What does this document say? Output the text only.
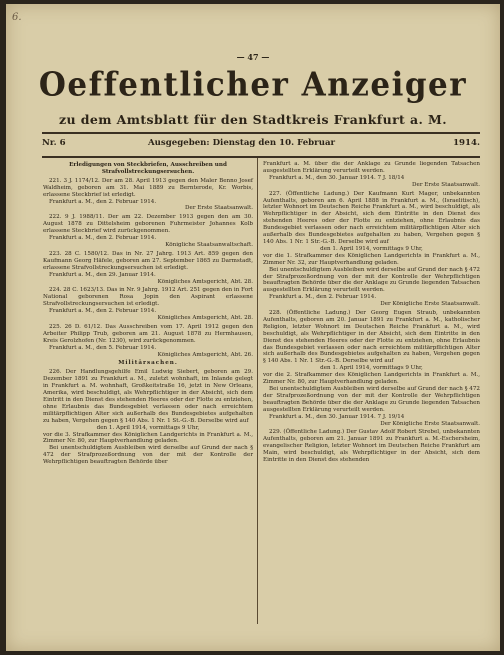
6.
— 47 —
Oeffentlicher Anzeiger
zu dem Amtsblatt für den Stadtkreis Frankfurt a. M.
Nr. 6	Ausgegeben: Dienstag den 10. Februar	1914.

Erledigungen von Steckbriefen, Ausschreiben und Strafvollstreckungsersuchen.

221. 3 J. 1174/12. Der am 28. April 1913 gegen den Maler Benno Josef Waldheim, geboren am 31. Mai 1889 zu Bernterode, Kr. Worbis, erlassene Steckbrief ist erledigt.

Frankfurt a. M., den 2. Februar 1914.

Der Erste Staatsanwalt.

222. 9 J. 1988/11. Der am 22. Dezember 1913 gegen den am 30. August 1878 zu Dittelsheim geborenen Fuhrmeister Johannes Kolb erlassene Steckbrief wird zurückgenommen.

Frankfurt a. M., den 2. Februar 1914.

Königliche Staatsanwaltschaft.

223. 28 C. 1580/12. Das in Nr. 27 Jahrg. 1913 Art. 859 gegen den Kaufmann Georg Häfele, geboren am 27. September 1865 zu Darmstadt, erlassene Strafvollstreckungsersuchen ist erledigt.

Frankfurt a. M., den 29. Januar 1914.

Königliches Amtsgericht, Abt. 28.

224. 28 C. 1623/13. Das in Nr. 9 Jahrg. 1912 Art. 251 gegen den in Fort National geborenen Rosa Jopin den Aspirant erlassene Strafvollstreckungsersuchen ist erledigt.

Frankfurt a. M., den 2. Februar 1914.

Königliches Amtsgericht, Abt. 28.

225. 26 D. 61/12. Das Ausschreiben vom 17. April 1912 gegen den Arbeiter Philipp Trub, geboren am 21. August 1878 zu Hermhausen, Kreis Gerolzhofen (Nr. 1230), wird zurückgenommen.

Frankfurt a. M., den 5. Februar 1914.

Königliches Amtsgericht, Abt. 26.

Militärsachen.

226. Der Handlungsgehilfe Emil Ludwig Siebert, geboren am 29. Dezember 1891 zu Frankfurt a. M., zuletzt wohnhaft, im Inlande gelegt in Frankfurt a. M. wohnhaft, Großkeitstraße 16, jetzt in New Orleans, Amerika, wird beschuldigt, als Wehrpflichtiger in der Absicht, sich dem Eintritt in den Dienst des stehenden Heeres oder der Flotte zu entziehen, ohne Erlaubnis das Bundesgebiet verlassen oder nach erreichtem militärpflichtigen Alter sich außerhalb des Bundesgebietes aufgehalten zu haben, Vergehen gegen § 140 Abs. 1 Nr. 1 St.-G.-B. Derselbe wird auf

den 1. April 1914, vormittags 9 Uhr,

vor die 3. Strafkammer des Königlichen Landgerichts in Frankfurt a. M., Zimmer Nr. 80, zur Hauptverhandlung geladen.

Bei unentschuldigtem Ausbleiben wird derselbe auf Grund der nach § 472 der Strafprozeßordnung von der mit der Kontrolle der Wehrpflichtigen beauftragten Behörde über

Frankfurt a. M. über die der Anklage zu Grunde liegenden Tatsachen ausgestellten Erklärung verurteilt werden.

Frankfurt a. M., den 30. Januar 1914. 7 J. 18/14

Der Erste Staatsanwalt.

227. (Öffentliche Ladung.) Der Kaufmann Kurt Mager, unbekannten Aufenthalts, geboren am 6. April 1888 in Frankfurt a. M., (Israelitisch), letzter Wohnort im Deutschen Reiche Frankfurt a. M., wird beschuldigt, als Wehrpflichtiger in der Absicht, sich dem Eintritte in den Dienst des stehenden Heeres oder der Flotte zu entziehen, ohne Erlaubnis das Bundesgebiet verlassen oder nach erreichtem militärpflichtigen Alter sich außerhalb des Bundesgebietes aufgehalten zu haben, Vergehen gegen § 140 Abs. 1 Nr. 1 Str.-G.-B. Derselbe wird auf

den 1. April 1914, vormittags 9 Uhr,

vor die 1. Strafkammer des Königlichen Landgerichts in Frankfurt a. M., Zimmer Nr. 32, zur Hauptverhandlung geladen.

Bei unentschuldigtem Ausbleiben wird derselbe auf Grund der nach § 472 der Strafprozeßordnung von der mit der Kontrolle der Wehrpflichtigen beauftragten Behörde über die der Anklage zu Grunde liegenden Tatsachen ausgestellten Erklärung verurteilt werden.

Frankfurt a. M., den 2. Februar 1914.

Der Königliche Erste Staatsanwalt.

228. (Öffentliche Ladung.) Der Georg Eugen Straub, unbekannten Aufenthalts, geboren am 20. Januar 1891 zu Frankfurt a. M., katholischer Religion, letzter Wohnort im Deutschen Reiche Frankfurt a. M., wird beschuldigt, als Wehrpflichtiger in der Absicht, sich dem Eintritte in den Dienst des stehenden Heeres oder der Flotte zu entziehen, ohne Erlaubnis das Bundesgebiet verlassen oder nach erreichtem militärpflichtigen Alter sich außerhalb des Bundesgebietes aufgehalten zu haben, Vergehen gegen § 140 Abs. 1 Nr. 1 Str.-G.-B. Derselbe wird auf

den 1. April 1914, vormittags 9 Uhr,

vor die 2. Strafkammer des Königlichen Landgerichts in Frankfurt a. M., Zimmer Nr. 80, zur Hauptverhandlung geladen.

Bei unentschuldigtem Ausbleiben wird derselbe auf Grund der nach § 472 der Strafprozeßordnung von der mit der Kontrolle der Wehrpflichtigen beauftragten Behörde über die der Anklage zu Grunde liegenden Tatsachen ausgestellten Erklärung verurteilt werden.

Frankfurt a. M., den 30. Januar 1914. 7 J. 19/14

Der Königliche Erste Staatsanwalt.

229. (Öffentliche Ladung.) Der Gustav Adolf Robert Strebel, unbekannten Aufenthalts, geboren am 21. Januar 1891 zu Frankfurt a. M.-Eschersheim, evangelischer Religion, letzter Wohnort im Deutschen Reiche Frankfurt am Main, wird beschuldigt, als Wehrpflichtiger in der Absicht, sich dem Eintritte in den Dienst des stehenden
